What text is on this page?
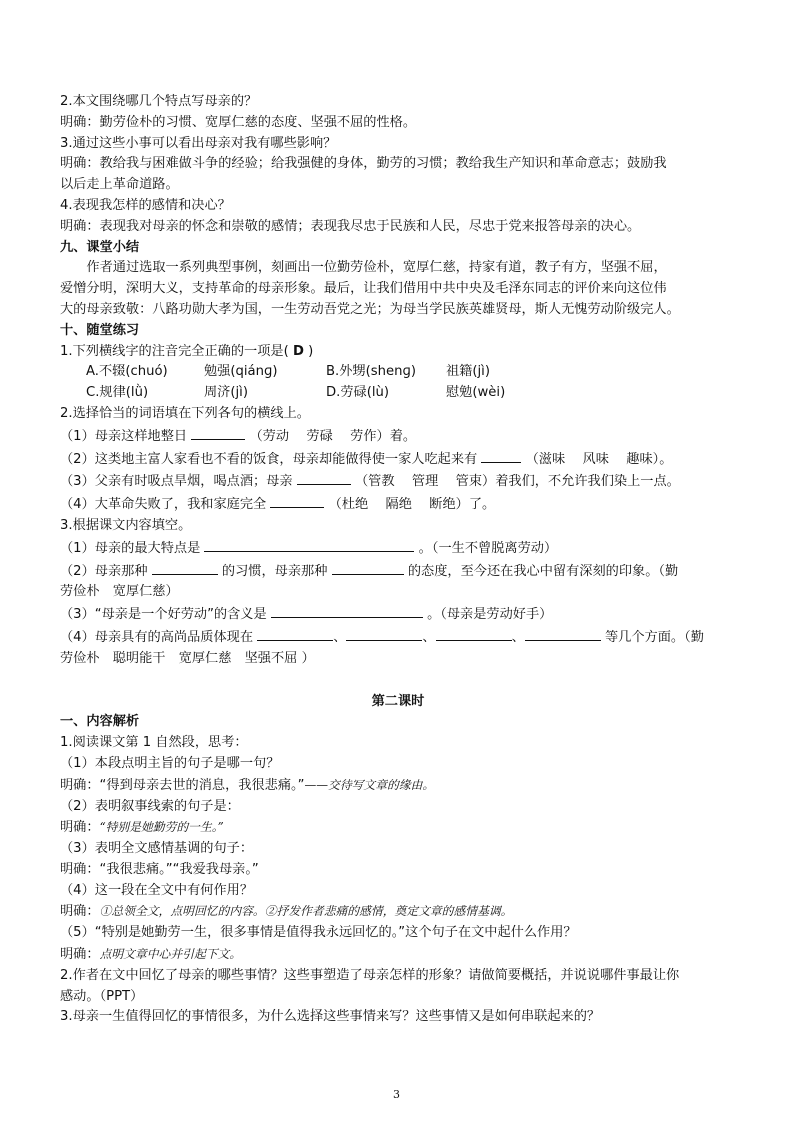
2.本文围绕哪几个特点写母亲的？
明确：勤劳俭朴的习惯、宽厚仁慈的态度、坚强不屈的性格。
3.通过这些小事可以看出母亲对我有哪些影响？
明确：教给我与困难做斗争的经验；给我强健的身体，勤劳的习惯；教给我生产知识和革命意志；鼓励我
以后走上革命道路。
4.表现我怎样的感情和决心？
明确：表现我对母亲的怀念和崇敬的感情；表现我尽忠于民族和人民，尽忠于党来报答母亲的决心。
九、课堂小结
作者通过选取一系列典型事例，刻画出一位勤劳俭朴，宽厚仁慈，持家有道，教子有方，坚强不屈，
爱憎分明，深明大义，支持革命的母亲形象。最后，让我们借用中共中央及毛泽东同志的评价来向这位伟
大的母亲致敬：八路功勋大孝为国，一生劳动吾党之光；为母当学民族英雄贤母，斯人无愧劳动阶级完人。
十、随堂练习
1.下列横线字的注音完全正确的一项是( D )
A.不辍(chuó)	勉强(qiánɡ)	B.外甥(shenɡ)	祖籍(jì)
C.规律(lǜ)	周济(jì)	D.劳碌(lù)	慰勉(wèi)
2.选择恰当的词语填在下列各句的横线上。
（1）母亲这样地整日	（劳动　 劳碌　 劳作）着。
（2）这类地主富人家看也不看的饭食，母亲却能做得使一家人吃起来有	（滋味　 风味　 趣味）。
（3）父亲有时吸点旱烟，喝点酒；母亲	（管教　 管理　 管束）着我们，不允许我们染上一点。
（4）大革命失败了，我和家庭完全	（杜绝　 隔绝　 断绝）了。
3.根据课文内容填空。
（1）母亲的最大特点是	。（一生不曾脱离劳动）
（2）母亲那种	的习惯，母亲那种	的态度，至今还在我心中留有深刻的印象。（勤
劳俭朴　宽厚仁慈）
（3）“母亲是一个好劳动”的含义是	。（母亲是劳动好手）
（4）母亲具有的高尚品质体现在	、	、	、	等几个方面。（勤
劳俭朴　聪明能干　宽厚仁慈　坚强不屈 ）
第二课时
一、内容解析
1.阅读课文第 1 自然段，思考：
（1）本段点明主旨的句子是哪一句？
明确：“得到母亲去世的消息，我很悲痛。”——交待写文章的缘由。
（2）表明叙事线索的句子是：
明确：“特别是她勤劳的一生。”
（3）表明全文感情基调的句子：
明确：“我很悲痛。”“我爱我母亲。”
（4）这一段在全文中有何作用？
明确：①总领全文，点明回忆的内容。②抒发作者悲痛的感情，奠定文章的感情基调。
（5）“特别是她勤劳一生，很多事情是值得我永远回忆的。”这个句子在文中起什么作用？
明确：点明文章中心并引起下文。
2.作者在文中回忆了母亲的哪些事情？这些事塑造了母亲怎样的形象？请做简要概括，并说说哪件事最让你
感动。（PPT）
3.母亲一生值得回忆的事情很多，为什么选择这些事情来写？这些事情又是如何串联起来的？
3
